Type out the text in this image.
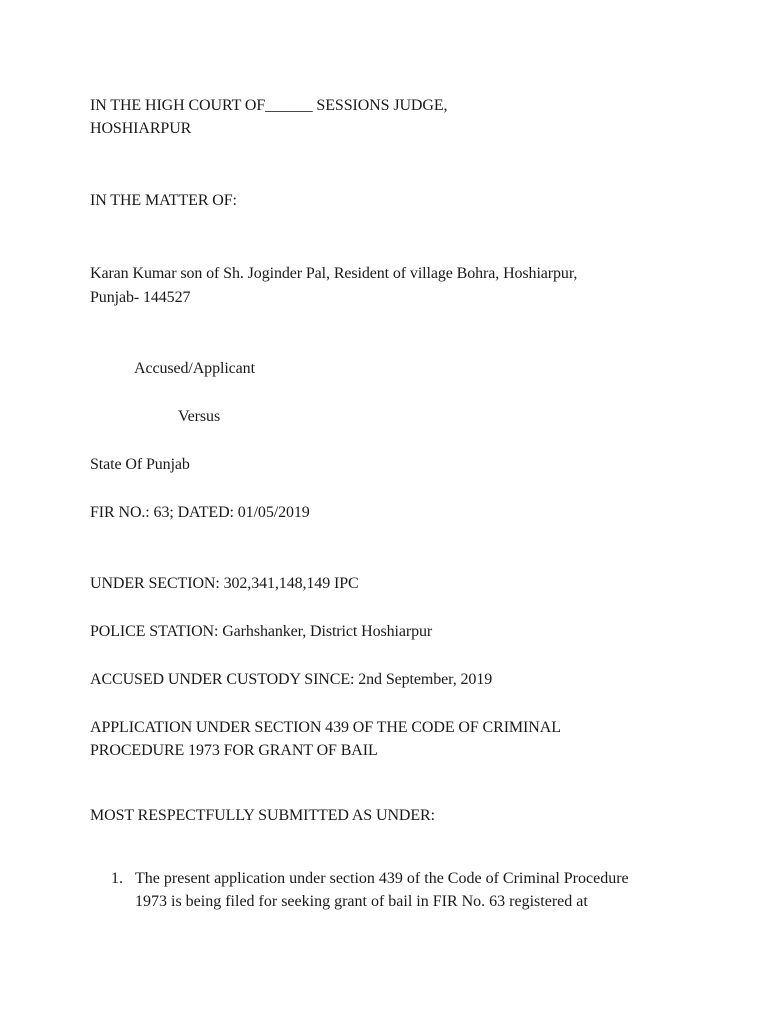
IN THE HIGH COURT OF______ SESSIONS JUDGE,
HOSHIARPUR
IN THE MATTER OF:
Karan Kumar son of Sh. Joginder Pal, Resident of village Bohra, Hoshiarpur,
Punjab- 144527
Accused/Applicant
Versus
State Of Punjab
FIR NO.: 63; DATED: 01/05/2019
UNDER SECTION: 302,341,148,149 IPC
POLICE STATION: Garhshanker, District Hoshiarpur
ACCUSED UNDER CUSTODY SINCE: 2nd September, 2019
APPLICATION UNDER SECTION 439 OF THE CODE OF CRIMINAL
PROCEDURE 1973 FOR GRANT OF BAIL
MOST RESPECTFULLY SUBMITTED AS UNDER:
1. The present application under section 439 of the Code of Criminal Procedure
1973 is being filed for seeking grant of bail in FIR No. 63 registered at
